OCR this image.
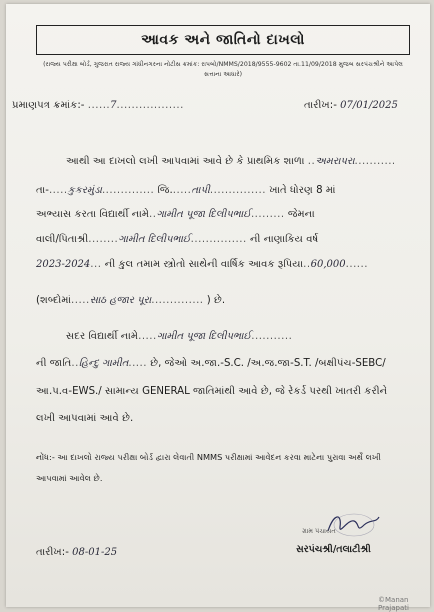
આવક અને જાતિનો દાખલો
(રાજ્ય પરીક્ષા બોર્ડ, ગુજરાત રાજ્ય ગાંધીનગરના નોટીસ ક્રમાંક: રાપબો/NMMS/2018/9555-9602 તા.11/09/2018 મુજબ સરપંચશ્રીને આપેલ સત્તાના આધારે)
પ્રમાણપત્ર ક્રમાંક:- ......7..................	તારીખ:- 07/01/2025
આથી આ દાખલો લખી આપવામાં આવે છે કે પ્રાથમિક શાળા ..અમરાપરા...........
તા-.....કુકરમુંડા.............. જિ......તાપી............... ખાતે ધોરણ 8 માં
અભ્યાસ કરતા વિદ્યાર્થી નામે..ગામીત પૂજા દિલીપભાઈ......... જેમના
વાલી/પિતાશ્રી........ગામીત દિલીપભાઈ............... ની નાણાકિય વર્ષ
2023-2024... ની કુલ તમામ સ્ત્રોતો સાથેની વાર્ષિક આવક રૂપિયા..60,000......
(શબ્દોમાં.....સાઠ હજાર પૂરા.............. ) છે.
સદર વિદ્યાર્થી નામે.....ગામીત પૂજા દિલીપભાઈ...........
ની જાતિ..હિન્દુ ગામીત..... છે, જેઓ અ.જા.-S.C. /અ.જ.જા-S.T. /બક્ષીપંચ-SEBC/
આ.પ.વ-EWS./ સામાન્ય GENERAL જાતિમાંથી આવે છે, જે રેકર્ડ પરથી ખાતરી કરીને
લખી આપવામાં આવે છે.
નોંધ:- આ દાખલો રાજ્ય પરીક્ષા બોર્ડ દ્વારા લેવાતી NMMS પરીક્ષામાં આવેદન કરવા માટેના પુરાવા અર્થે લખી
આપવામાં આવેલ છે.
ગ્રામ પંચાયત
સરપંચશ્રી/તલાટીશ્રી
તારીખ:- 08-01-25
©Manan Prajapati
